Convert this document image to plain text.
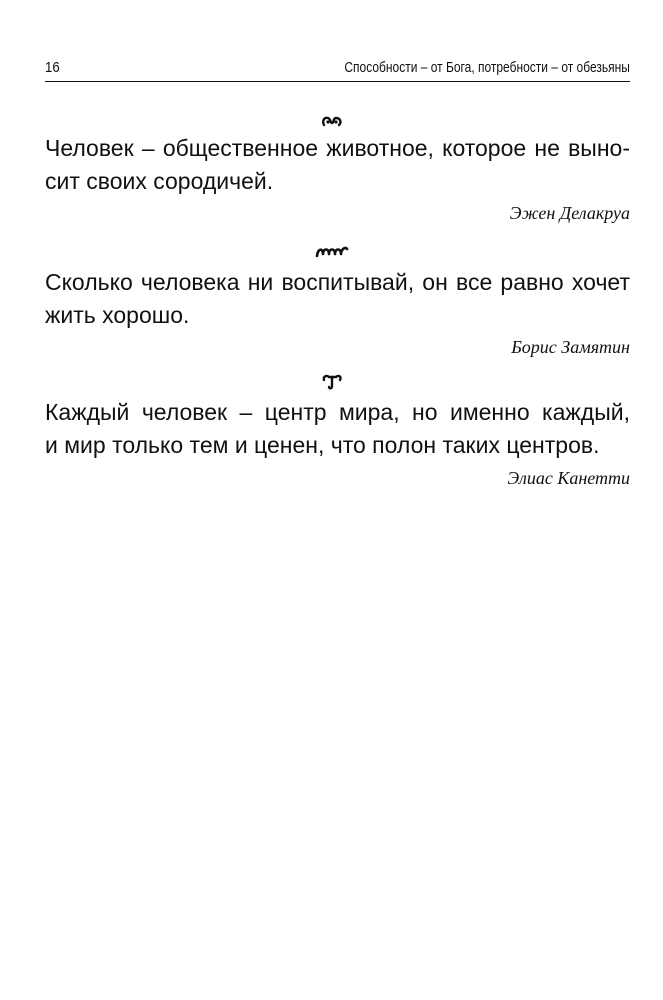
16	Способности – от Бога, потребности – от обезьяны
Человек – общественное животное, которое не выно-
сит своих сородичей.
Эжен Делакруа
Сколько человека ни воспитывай, он все равно хочет
жить хорошо.
Борис Замятин
Каждый человек – центр мира, но именно каждый,
и мир только тем и ценен, что полон таких центров.
Элиас Канетти
